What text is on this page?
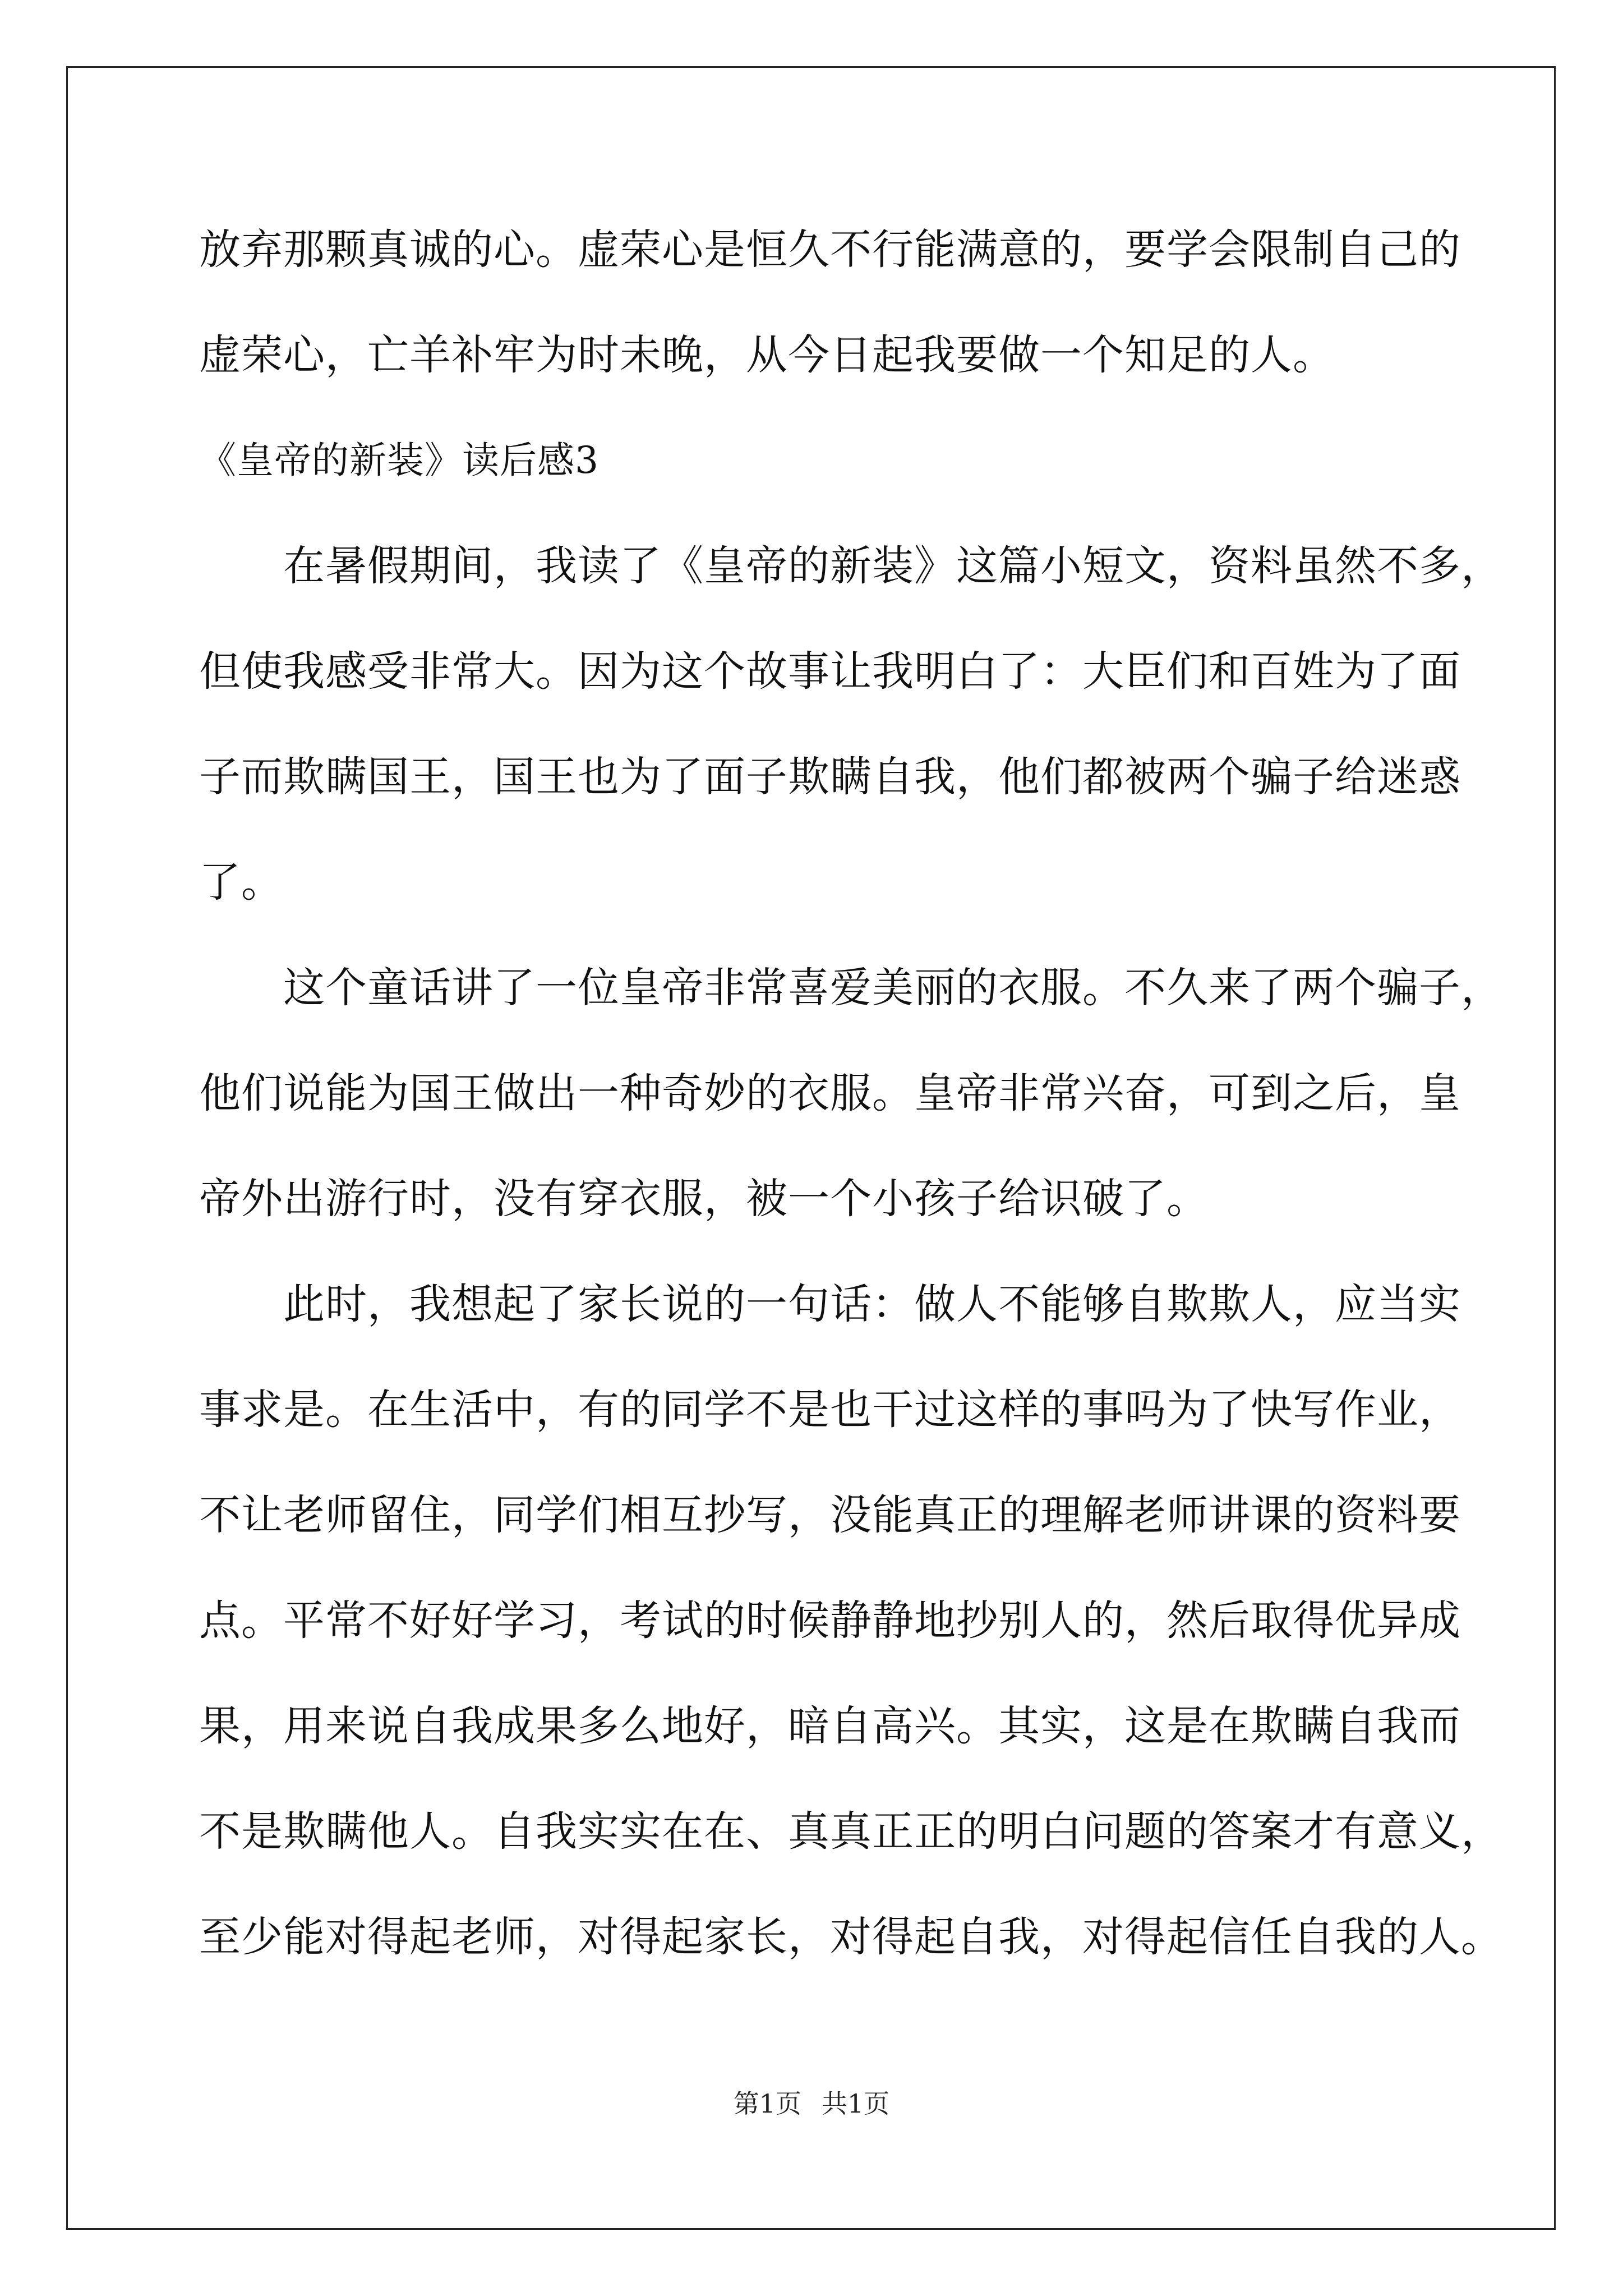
放弃那颗真诚的心。虚荣心是恒久不行能满意的，要学会限制自己的
虚荣心，亡羊补牢为时未晚，从今日起我要做一个知足的人。
《皇帝的新装》读后感3
在暑假期间，我读了《皇帝的新装》这篇小短文，资料虽然不多，
但使我感受非常大。因为这个故事让我明白了：大臣们和百姓为了面
子而欺瞒国王，国王也为了面子欺瞒自我，他们都被两个骗子给迷惑
了。
这个童话讲了一位皇帝非常喜爱美丽的衣服。不久来了两个骗子，
他们说能为国王做出一种奇妙的衣服。皇帝非常兴奋，可到之后，皇
帝外出游行时，没有穿衣服，被一个小孩子给识破了。
此时，我想起了家长说的一句话：做人不能够自欺欺人，应当实
事求是。在生活中，有的同学不是也干过这样的事吗为了快写作业，
不让老师留住，同学们相互抄写，没能真正的理解老师讲课的资料要
点。平常不好好学习，考试的时候静静地抄别人的，然后取得优异成
果，用来说自我成果多么地好，暗自高兴。其实，这是在欺瞒自我而
不是欺瞒他人。自我实实在在、真真正正的明白问题的答案才有意义，
至少能对得起老师，对得起家长，对得起自我，对得起信任自我的人。
第1页 共1页
